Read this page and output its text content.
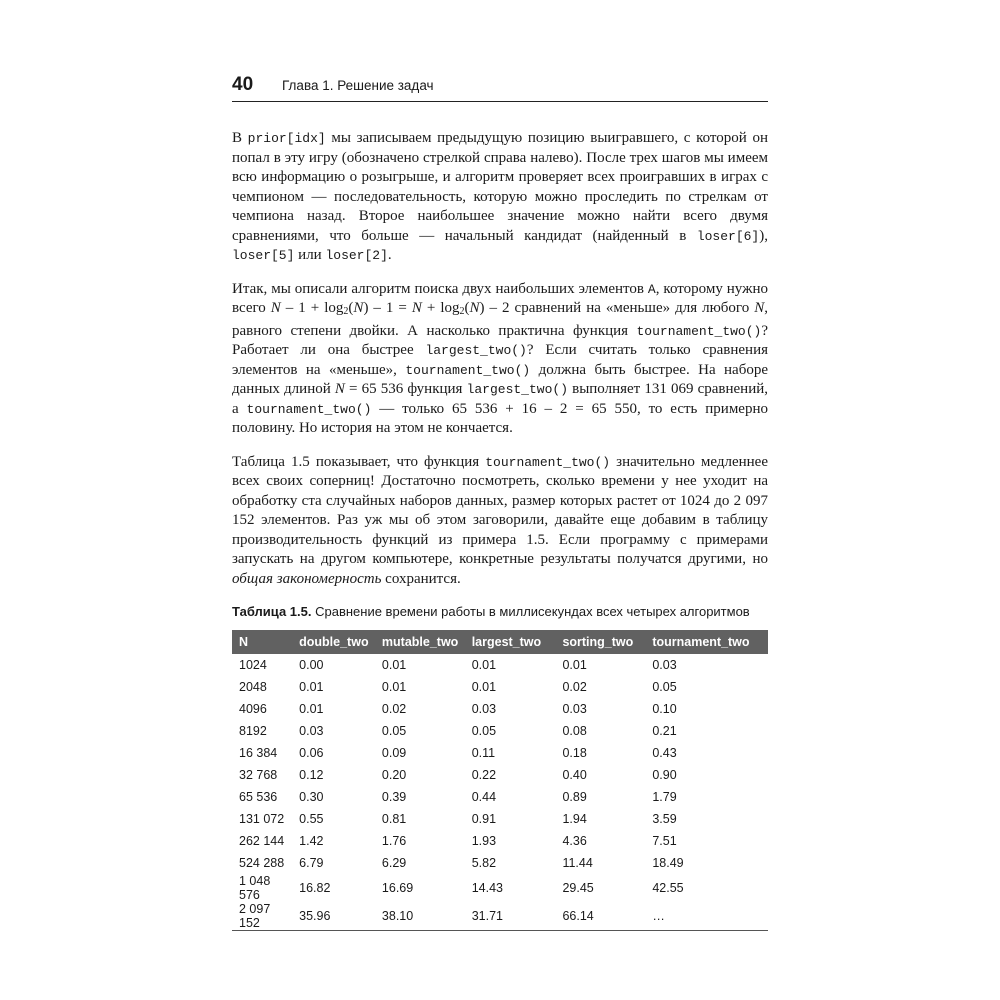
40 Глава 1. Решение задач

В prior[idx] мы записываем предыдущую позицию выигравшего, с которой он попал в эту игру (обозначено стрелкой справа налево). После трех шагов мы имеем всю информацию о розыгрыше, и алгоритм проверяет всех проигравших в играх с чемпионом — последовательность, которую можно проследить по стрелкам от чемпиона назад. Второе наибольшее значение можно найти всего двумя сравнениями, что больше — начальный кандидат (найденный в loser[6]), loser[5] или loser[2].

Итак, мы описали алгоритм поиска двух наибольших элементов A, которому нужно всего $N - 1 + \log_2(N) - 1 = N + \log_2(N) - 2$ сравнений на «меньше» для любого N, равного степени двойки. А насколько практична функция tournament_two()? Работает ли она быстрее largest_two()? Если считать только сравнения элементов на «меньше», tournament_two() должна быть быстрее. На наборе данных длиной N = 65 536 функция largest_two() выполняет 131 069 сравнений, а tournament_two() — только 65 536 + 16 – 2 = 65 550, то есть примерно половину. Но история на этом не кончается.

Таблица 1.5 показывает, что функция tournament_two() значительно медленнее всех своих соперниц! Достаточно посмотреть, сколько времени у нее уходит на обработку ста случайных наборов данных, размер которых растет от 1024 до 2 097 152 элементов. Раз уж мы об этом заговорили, давайте еще добавим в таблицу производительность функций из примера 1.5. Если программу с примерами запускать на другом компьютере, конкретные результаты получатся другими, но общая закономерность сохранится.

Таблица 1.5. Сравнение времени работы в миллисекундах всех четырех алгоритмов
N	double_two	mutable_two	largest_two	sorting_two	tournament_two
1024	0.00	0.01	0.01	0.01	0.03
2048	0.01	0.01	0.01	0.02	0.05
4096	0.01	0.02	0.03	0.03	0.10
8192	0.03	0.05	0.05	0.08	0.21
16 384	0.06	0.09	0.11	0.18	0.43
32 768	0.12	0.20	0.22	0.40	0.90
65 536	0.30	0.39	0.44	0.89	1.79
131 072	0.55	0.81	0.91	1.94	3.59
262 144	1.42	1.76	1.93	4.36	7.51
524 288	6.79	6.29	5.82	11.44	18.49
1 048 576	16.82	16.69	14.43	29.45	42.55
2 097 152	35.96	38.10	31.71	66.14	…
